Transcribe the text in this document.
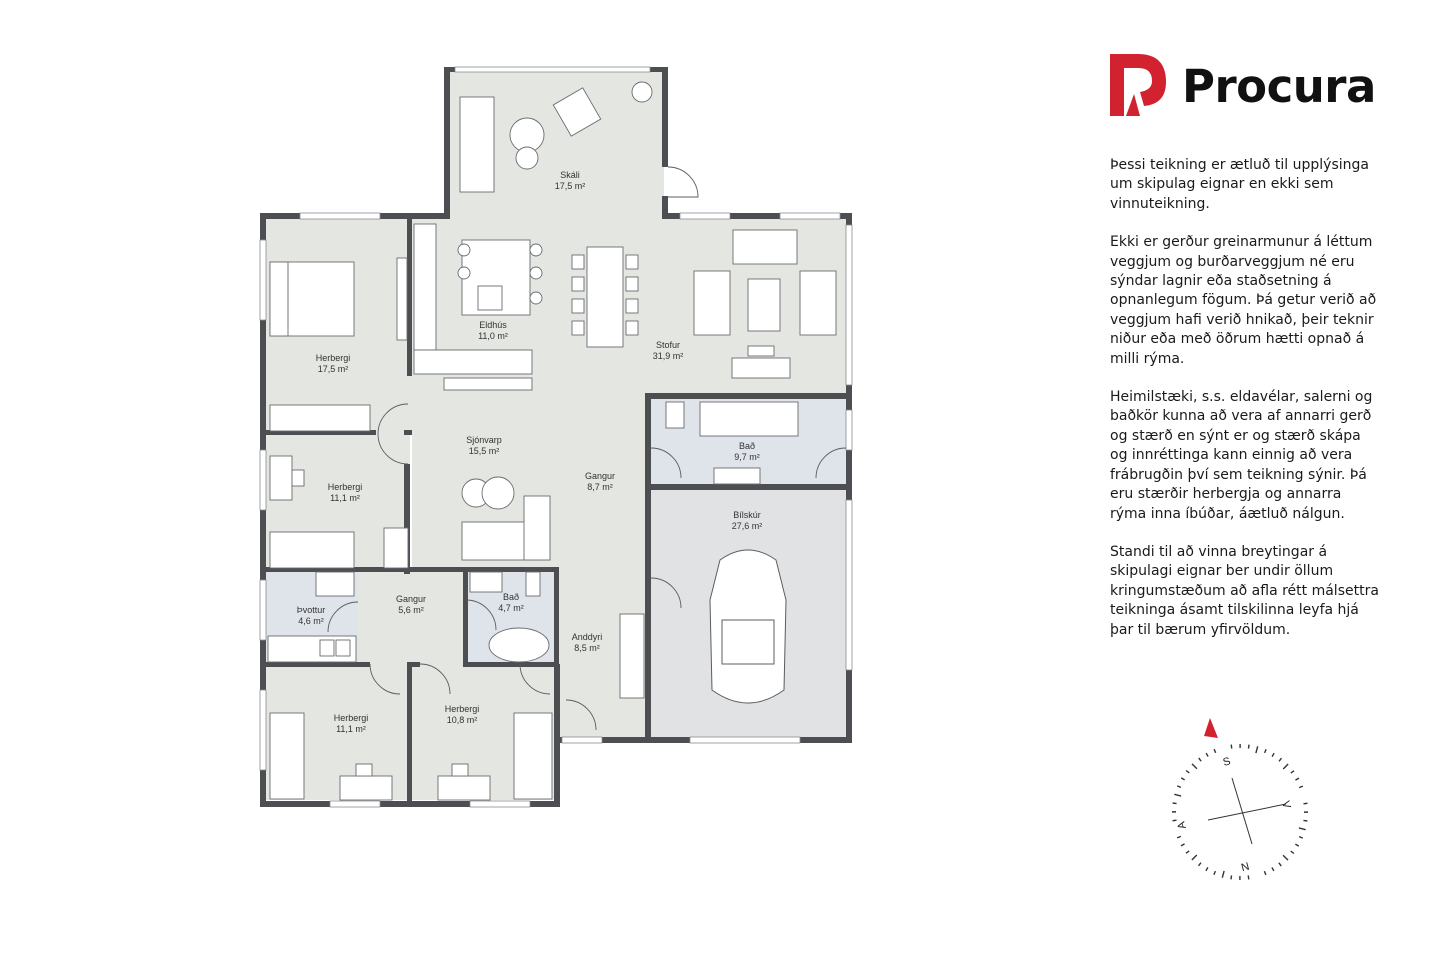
Skáli
17,5 m²
Eldhús
11,0 m²
Stofur
31,9 m²
Herbergi
17,5 m²
Sjónvarp
15,5 m²	Bað
9,7 m²
Herbergi
11,1 m²
Gangur
8,7 m²
Bílskúr
27,6 m²
Þvottur
4,6 m²
Gangur
5,6 m²
Bað
4,7 m²
Anddyri
8,5 m²
Herbergi
11,1 m²
Herbergi
10,8 m²
Procura

Þessi teikning er ætluð til upplýsinga um skipulag eignar en ekki sem vinnuteikning.

Ekki er gerður greinarmunur á léttum veggjum og burðarveggjum né eru sýndar lagnir eða staðsetning á opnanlegum fögum. Þá getur verið að veggjum hafi verið hnikað, þeir teknir niður eða með öðrum hætti opnað á milli rýma.

Heimilstæki, s.s. eldavélar, salerni og baðkör kunna að vera af annarri gerð og stærð en sýnt er og stærð skápa og innréttinga kann einnig að vera frábrugðin því sem teikning sýnir. Þá eru stærðir herbergja og annarra rýma inna íbúðar, áætluð nálgun.

Standi til að vinna breytingar á skipulagi eignar ber undir öllum kringumstæðum að afla rétt málsettra teikninga ásamt tilskilinna leyfa hjá þar til bærum yfirvöldum.

S
V
A
N
